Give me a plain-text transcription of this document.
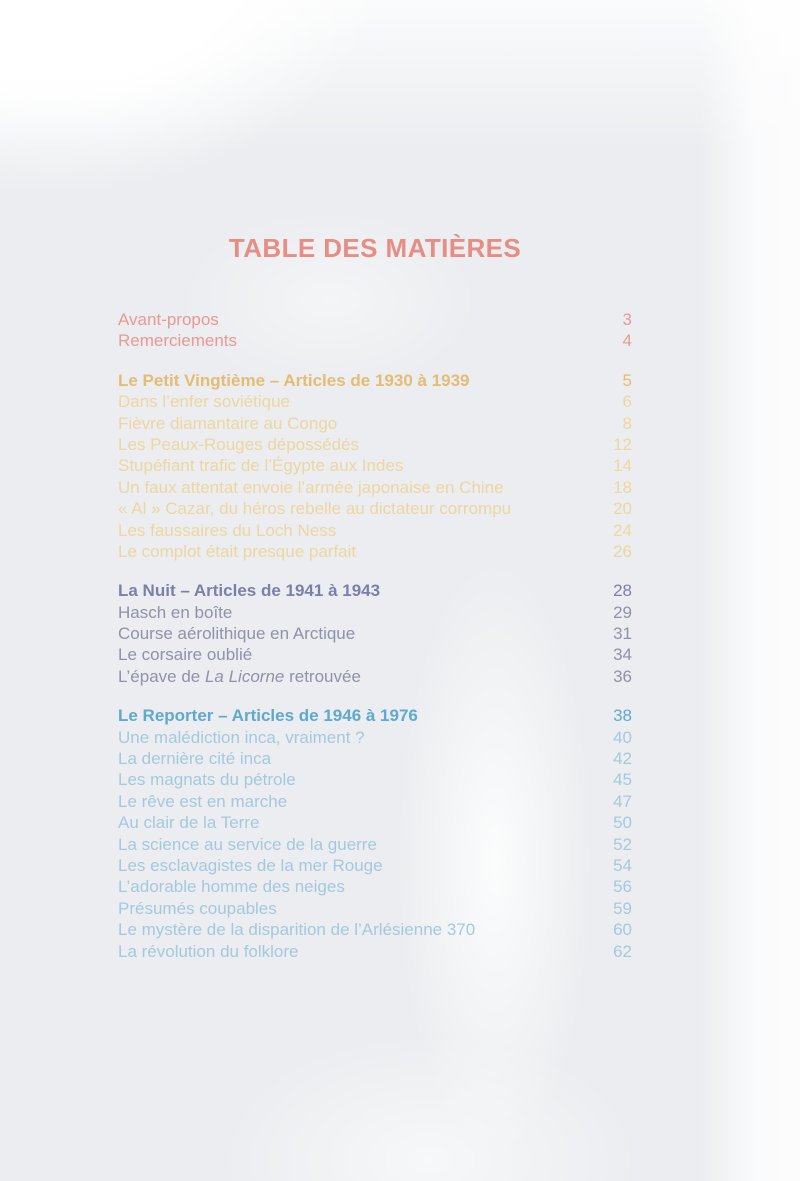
TABLE DES MATIÈRES
Avant-propos	3
Remerciements	4
Le Petit Vingtième – Articles de 1930 à 1939	5
Dans l’enfer soviétique	6
Fièvre diamantaire au Congo	8
Les Peaux-Rouges dépossédés	12
Stupéfiant trafic de l’Égypte aux Indes	14
Un faux attentat envoie l’armée japonaise en Chine	18
« Al » Cazar, du héros rebelle au dictateur corrompu	20
Les faussaires du Loch Ness	24
Le complot était presque parfait	26
La Nuit – Articles de 1941 à 1943	28
Hasch en boîte	29
Course aérolithique en Arctique	31
Le corsaire oublié	34
L’épave de La Licorne retrouvée	36
Le Reporter – Articles de 1946 à 1976	38
Une malédiction inca, vraiment ?	40
La dernière cité inca	42
Les magnats du pétrole	45
Le rêve est en marche	47
Au clair de la Terre	50
La science au service de la guerre	52
Les esclavagistes de la mer Rouge	54
L’adorable homme des neiges	56
Présumés coupables	59
Le mystère de la disparition de l’Arlésienne 370	60
La révolution du folklore	62
